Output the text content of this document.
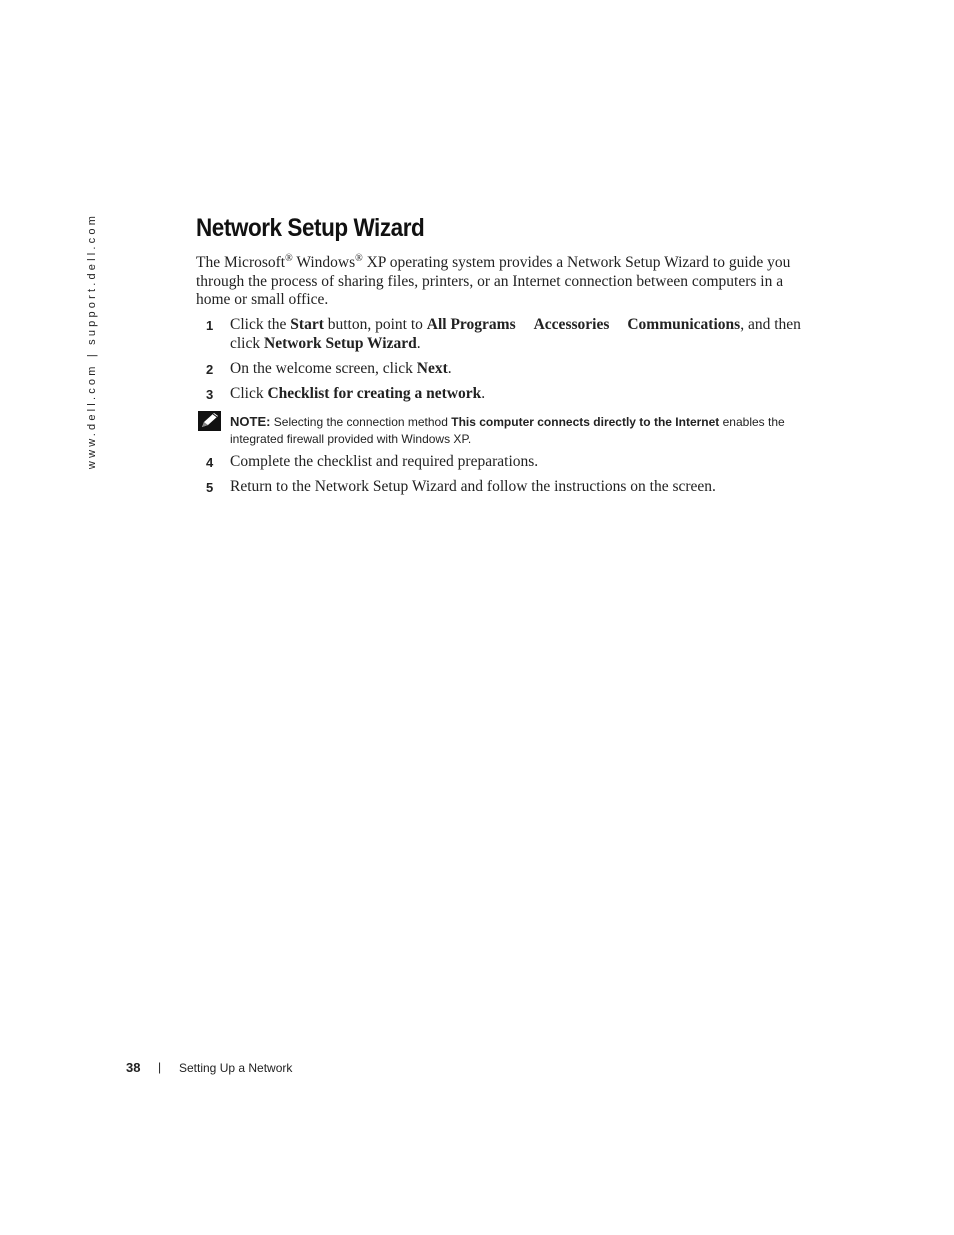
www.dell.com | support.dell.com	Network Setup Wizard

The Microsoft® Windows® XP operating system provides a Network Setup Wizard to guide you through the process of sharing files, printers, or an Internet connection between computers in a home or small office.

1 Click the Start button, point to All Programs Accessories Communications, and then click Network Setup Wizard.
2 On the welcome screen, click Next.
3 Click Checklist for creating a network.
NOTE: Selecting the connection method This computer connects directly to the Internet enables the integrated firewall provided with Windows XP.
4 Complete the checklist and required preparations.
5 Return to the Network Setup Wizard and follow the instructions on the screen.
38 | Setting Up a Network
